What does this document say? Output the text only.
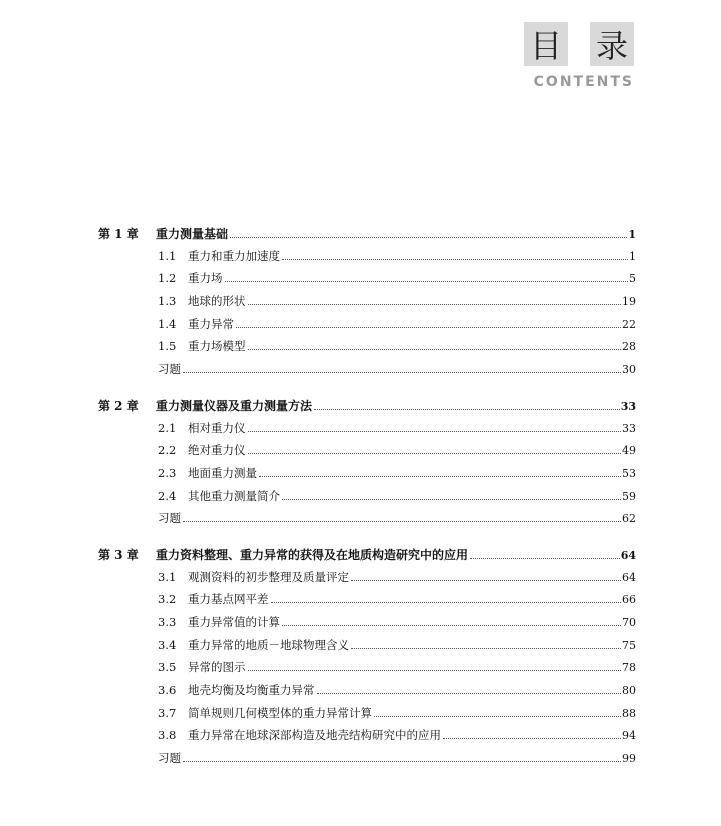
目 录
CONTENTS
第 1 章	重力测量基础	1
1.1	重力和重力加速度	1
1.2	重力场	5
1.3	地球的形状	19
1.4	重力异常	22
1.5	重力场模型	28
习题	30
第 2 章	重力测量仪器及重力测量方法	33
2.1	相对重力仪	33
2.2	绝对重力仪	49
2.3	地面重力测量	53
2.4	其他重力测量简介	59
习题	62
第 3 章	重力资料整理、重力异常的获得及在地质构造研究中的应用	64
3.1	观测资料的初步整理及质量评定	64
3.2	重力基点网平差	66
3.3	重力异常值的计算	70
3.4	重力异常的地质－地球物理含义	75
3.5	异常的图示	78
3.6	地壳均衡及均衡重力异常	80
3.7	简单规则几何模型体的重力异常计算	88
3.8	重力异常在地球深部构造及地壳结构研究中的应用	94
习题	99
